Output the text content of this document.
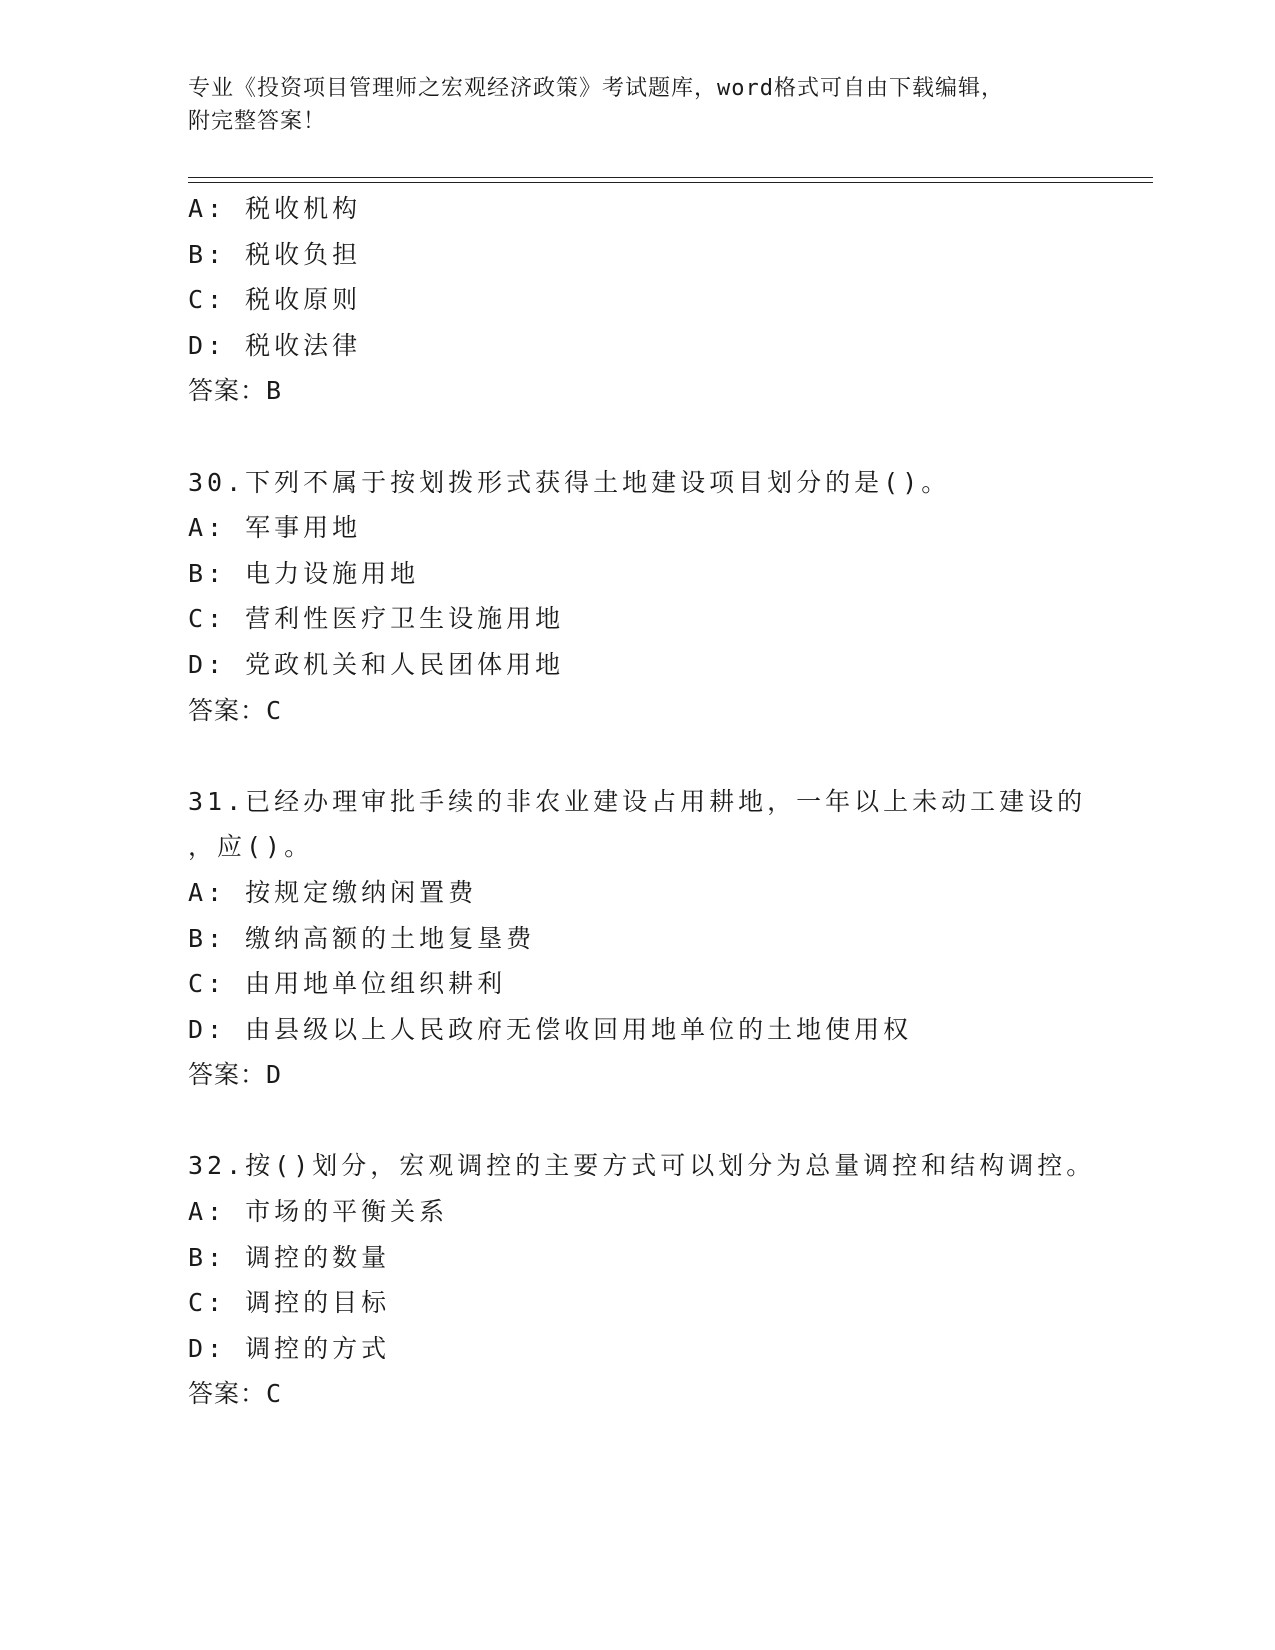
专业《投资项目管理师之宏观经济政策》考试题库，word格式可自由下载编辑，
附完整答案！
A: 税收机构
B: 税收负担
C: 税收原则
D: 税收法律
答案：B
30.下列不属于按划拨形式获得土地建设项目划分的是()。
A: 军事用地
B: 电力设施用地
C: 营利性医疗卫生设施用地
D: 党政机关和人民团体用地
答案：C
31.已经办理审批手续的非农业建设占用耕地，一年以上未动工建设的
，应()。
A: 按规定缴纳闲置费
B: 缴纳高额的土地复垦费
C: 由用地单位组织耕利
D: 由县级以上人民政府无偿收回用地单位的土地使用权
答案：D
32.按()划分，宏观调控的主要方式可以划分为总量调控和结构调控。
A: 市场的平衡关系
B: 调控的数量
C: 调控的目标
D: 调控的方式
答案：C
